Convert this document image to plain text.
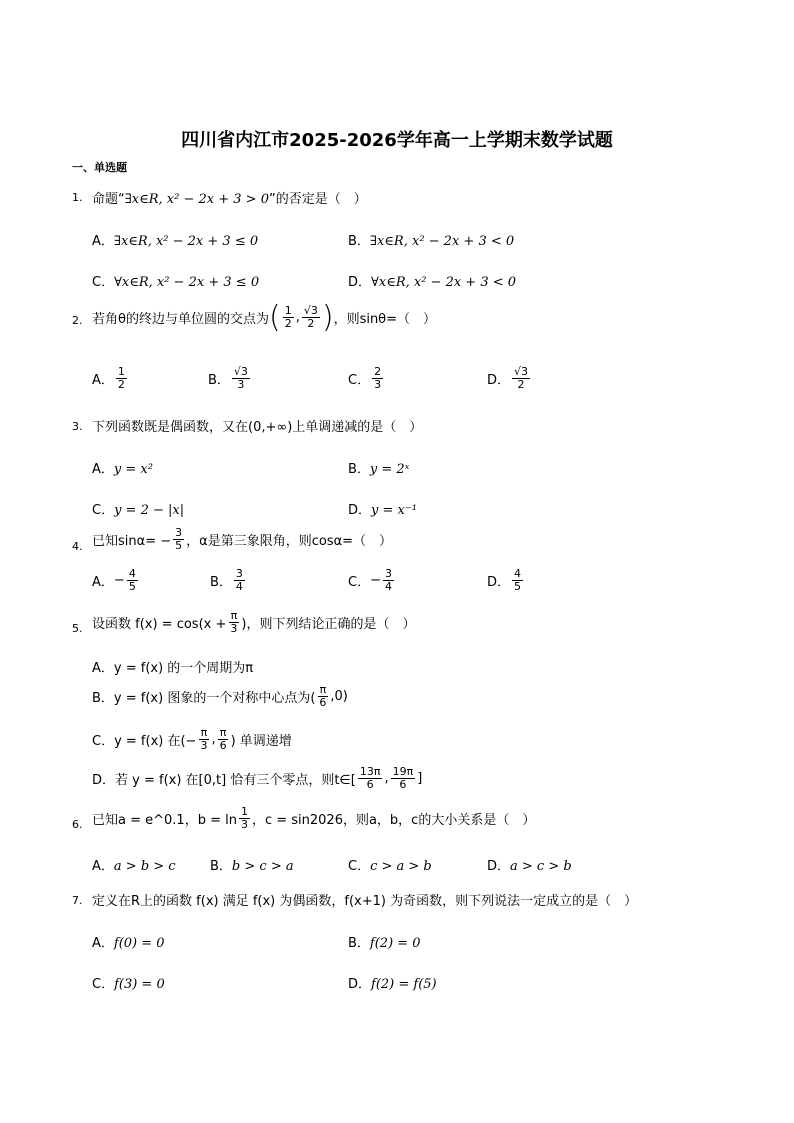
四川省内江市2025-2026学年高一上学期末数学试题
一、单选题
1. 命题“∃x∈R, x² − 2x + 3 > 0”的否定是（　）
A．∃x∈R, x² − 2x + 3 ≤ 0	B．∃x∈R, x² − 2x + 3 < 0
C．∀x∈R, x² − 2x + 3 ≤ 0	D．∀x∈R, x² − 2x + 3 < 0
2. 若角θ的终边与单位圆的交点为( $\frac{1}{2}$ , $\frac{√3}{2}$ )，则sinθ=（　）
A． $\frac{1}{2}$	B． $\frac{√3}{3}$	C． $\frac{2}{3}$	D． $\frac{√3}{2}$
3. 下列函数既是偶函数，又在(0,+∞)上单调递减的是（　）
A．y = x²	B．y = 2ˣ
C．y = 2 − |x|	D．y = x⁻¹
4. 已知$\sin\alpha= - \frac{3}{5}$ ，α是第三象限角，则cosα=（　）
A．− $\frac{4}{5}$	B． $\frac{3}{4}$	C．− $\frac{3}{4}$	D． $\frac{4}{5}$
5. 设函数 $f(x) = \cos(x + \frac{\pi}{3}$ )，则下列结论正确的是（　）
A．y = f(x) 的一个周期为π
B．y = f(x) 图象的一个对称中心点为( $\frac{\pi}{6} ,0$)
C．y = f(x) 在(− $\frac{\pi}{3}$ , $\frac{\pi}{6}$ ) 单调递增
D．若 y = f(x) 在[0,t] 恰有三个零点，则t∈[ $\frac{13\pi}{6}$ , $\frac{19\pi}{6}$ ]
6. 已知a = e^0.1，$b = \ln \frac{1}{3}$ ，c = sin2026，则a，b，c的大小关系是（　）
A．a > b > c	B．b > c > a	C．c > a > b	D．a > c > b
7. 定义在R上的函数 f(x) 满足 f(x) 为偶函数，f(x+1) 为奇函数，则下列说法一定成立的是（　）
A．f(0) = 0	B．f(2) = 0
C．f(3) = 0	D．f(2) = f(5)
